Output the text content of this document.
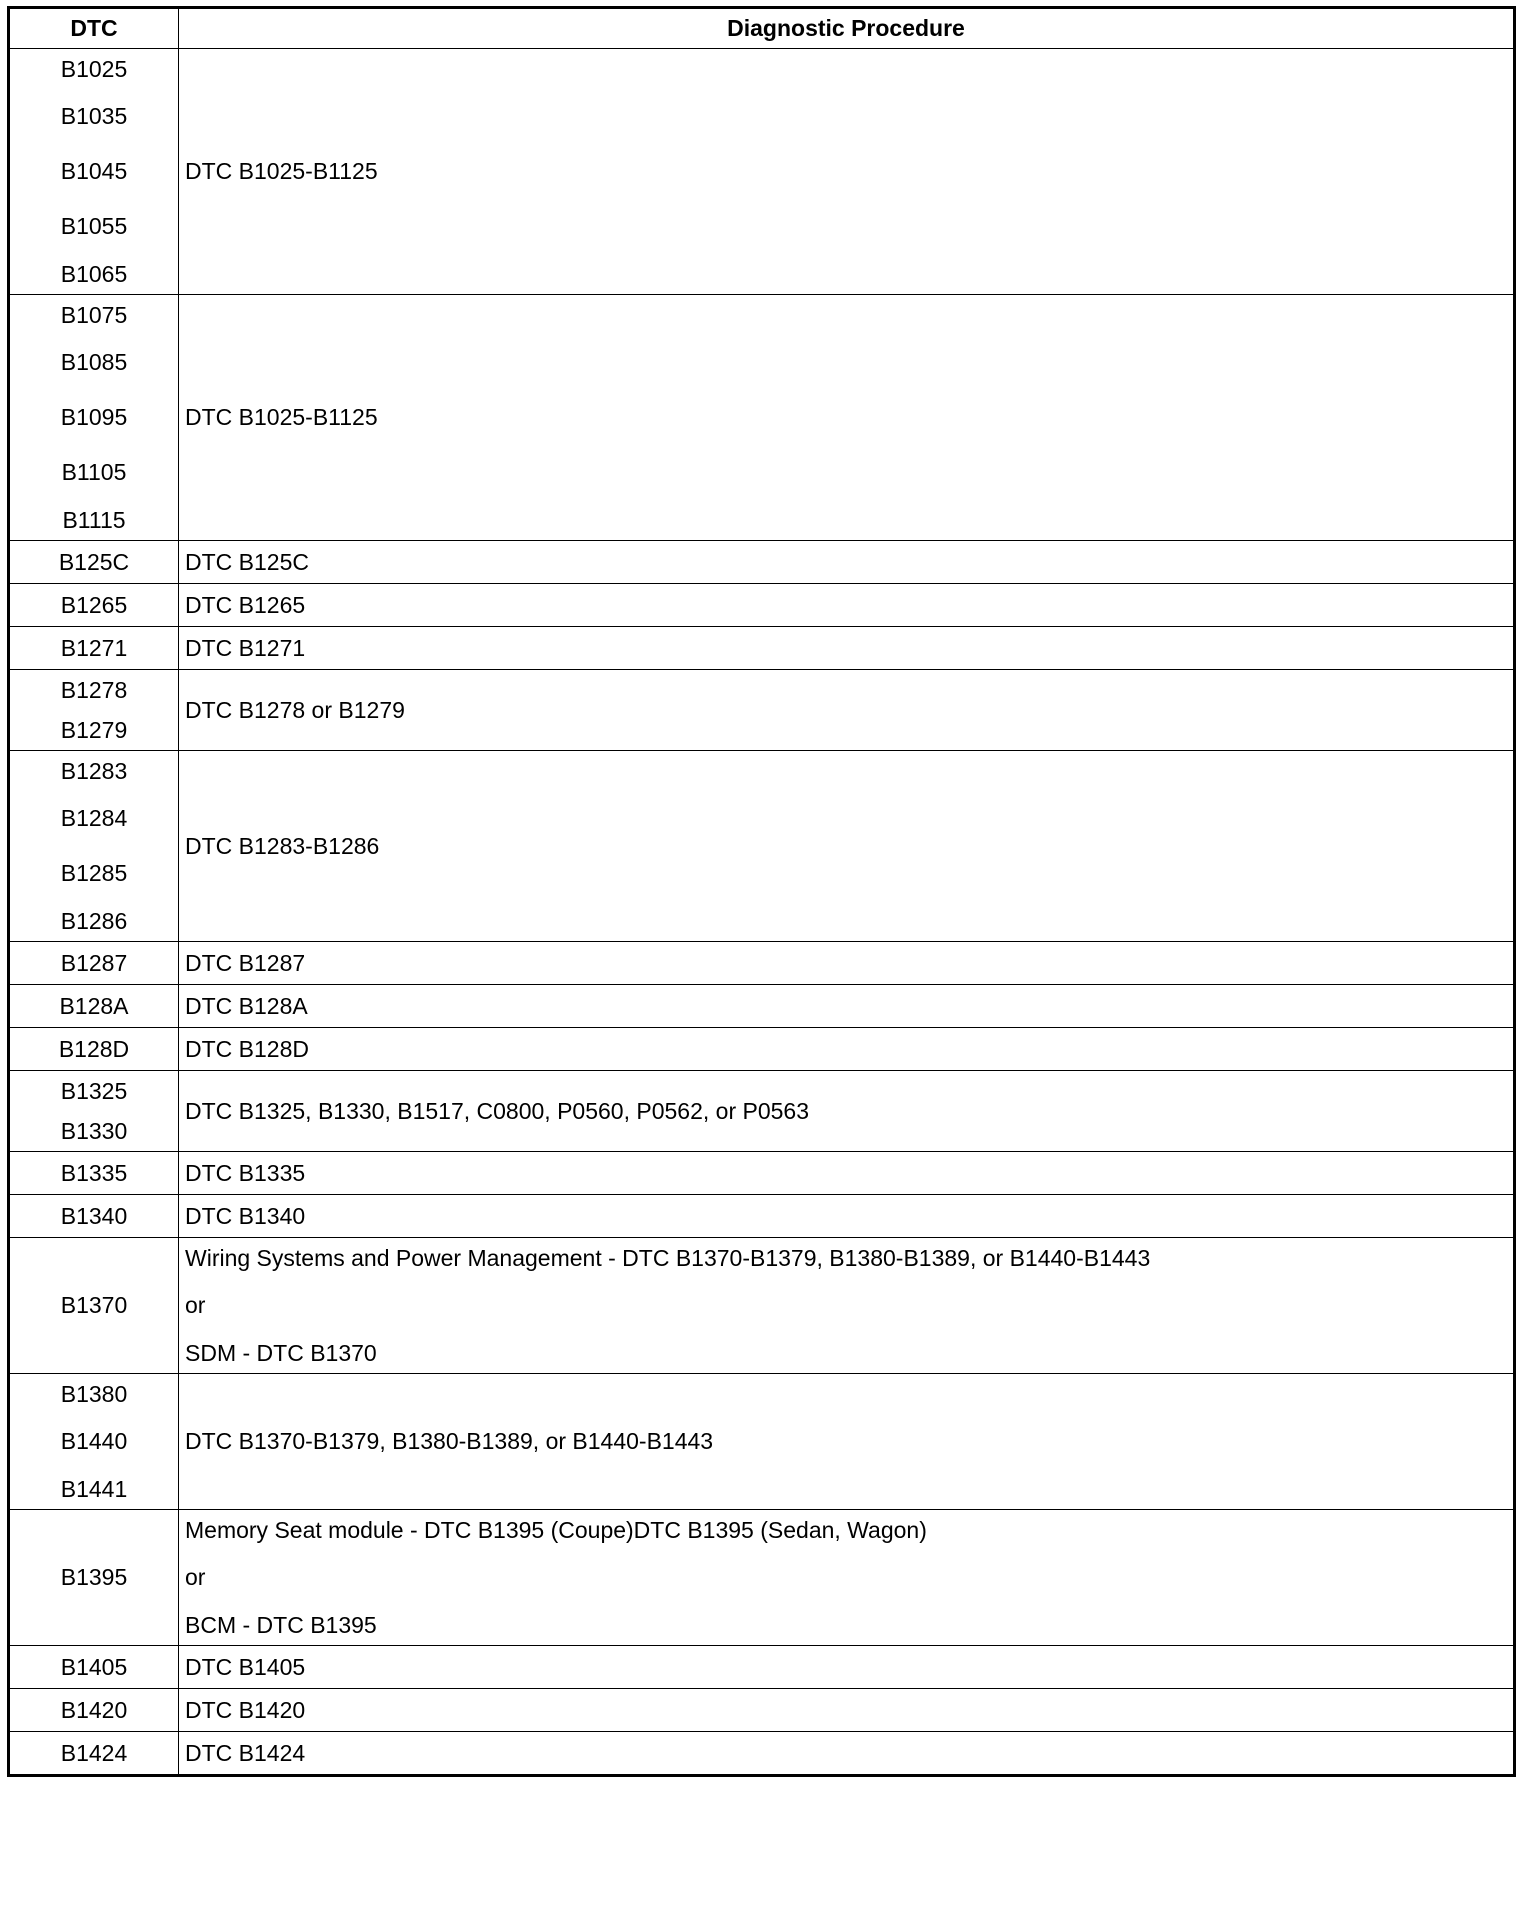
DTC	Diagnostic Procedure

B1025
B1035
B1045
B1055
B1065	DTC B1025-B1125

B1075
B1085
B1095
B1105
B1115	DTC B1025-B1125

B125C	DTC B125C

B1265	DTC B1265

B1271	DTC B1271

B1278
B1279	DTC B1278 or B1279

B1283
B1284
B1285
B1286	DTC B1283-B1286

B1287	DTC B1287

B128A	DTC B128A

B128D	DTC B128D

B1325
B1330	DTC B1325, B1330, B1517, C0800, P0560, P0562, or P0563

B1335	DTC B1335

B1340	DTC B1340

B1370	Wiring Systems and Power Management - DTC B1370-B1379, B1380-B1389, or B1440-B1443
or
SDM - DTC B1370

B1380
B1440
B1441	DTC B1370-B1379, B1380-B1389, or B1440-B1443

B1395	Memory Seat module - DTC B1395 (Coupe)DTC B1395 (Sedan, Wagon)
or
BCM - DTC B1395

B1405	DTC B1405

B1420	DTC B1420

B1424	DTC B1424
